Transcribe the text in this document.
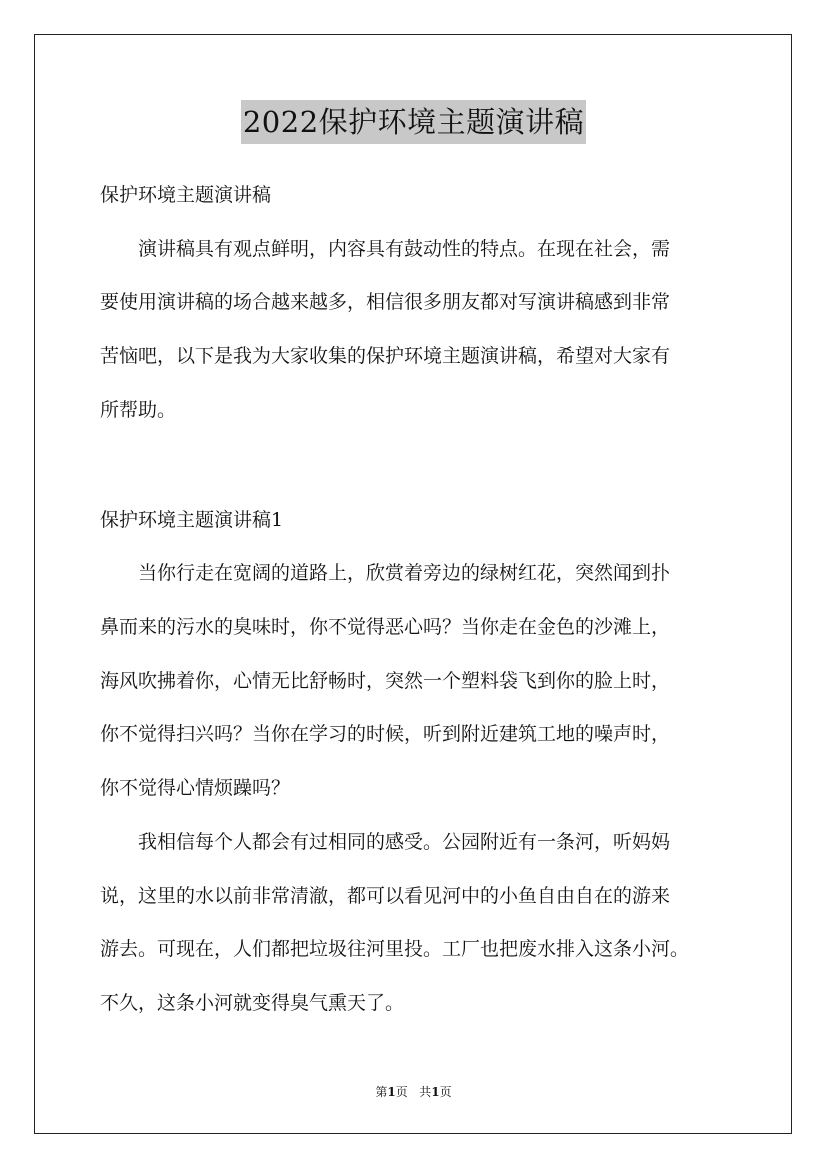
2022保护环境主题演讲稿

保护环境主题演讲稿

演讲稿具有观点鲜明，内容具有鼓动性的特点。在现在社会，需

要使用演讲稿的场合越来越多，相信很多朋友都对写演讲稿感到非常

苦恼吧，以下是我为大家收集的保护环境主题演讲稿，希望对大家有

所帮助。

保护环境主题演讲稿1

当你行走在宽阔的道路上，欣赏着旁边的绿树红花，突然闻到扑

鼻而来的污水的臭味时，你不觉得恶心吗？当你走在金色的沙滩上，

海风吹拂着你，心情无比舒畅时，突然一个塑料袋飞到你的脸上时，

你不觉得扫兴吗？当你在学习的时候，听到附近建筑工地的噪声时，

你不觉得心情烦躁吗？

我相信每个人都会有过相同的感受。公园附近有一条河，听妈妈

说，这里的水以前非常清澈，都可以看见河中的小鱼自由自在的游来

游去。可现在，人们都把垃圾往河里投。工厂也把废水排入这条小河。

不久，这条小河就变得臭气熏天了。

第1页 共1页
